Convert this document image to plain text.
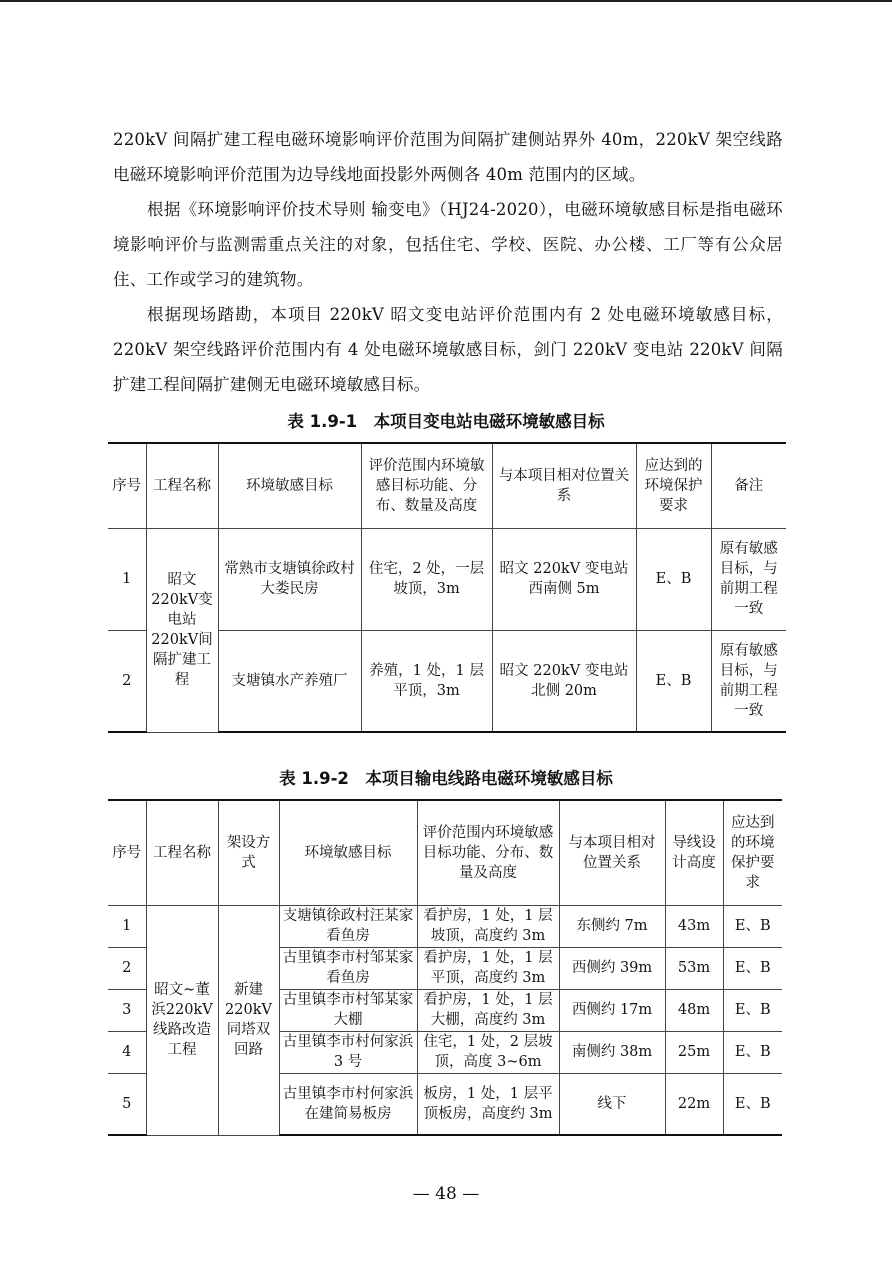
220kV 间隔扩建工程电磁环境影响评价范围为间隔扩建侧站界外 40m，220kV 架空线路电磁环境影响评价范围为边导线地面投影外两侧各 40m 范围内的区域。

根据《环境影响评价技术导则 输变电》（HJ24-2020），电磁环境敏感目标是指电磁环境影响评价与监测需重点关注的对象，包括住宅、学校、医院、办公楼、工厂等有公众居住、工作或学习的建筑物。

根据现场踏勘，本项目 220kV 昭文变电站评价范围内有 2 处电磁环境敏感目标，220kV 架空线路评价范围内有 4 处电磁环境敏感目标，剑门 220kV 变电站 220kV 间隔扩建工程间隔扩建侧无电磁环境敏感目标。

表 1.9-1　本项目变电站电磁环境敏感目标

序号	工程名称	环境敏感目标	评价范围内环境敏感目标功能、分布、数量及高度	与本项目相对位置关系	应达到的环境保护要求	备注
1	昭文220kV变电站220kV间隔扩建工程	常熟市支塘镇徐政村大娄民房	住宅，2 处，一层坡顶，3m	昭文 220kV 变电站西南侧 5m	E、B	原有敏感目标，与前期工程一致
2		支塘镇水产养殖厂	养殖，1 处，1 层平顶，3m	昭文 220kV 变电站北侧 20m	E、B	原有敏感目标，与前期工程一致

表 1.9-2　本项目输电线路电磁环境敏感目标

序号	工程名称	架设方式	环境敏感目标	评价范围内环境敏感目标功能、分布、数量及高度	与本项目相对位置关系	导线设计高度	应达到的环境保护要求
1	昭文~董浜220kV线路改造工程	新建220kV同塔双回路	支塘镇徐政村汪某家看鱼房	看护房，1 处，1 层坡顶，高度约 3m	东侧约 7m	43m	E、B
2			古里镇李市村邹某家看鱼房	看护房，1 处，1 层平顶，高度约 3m	西侧约 39m	53m	E、B
3			古里镇李市村邹某家大棚	看护房，1 处，1 层大棚，高度约 3m	西侧约 17m	48m	E、B
4			古里镇李市村何家浜 3 号	住宅，1 处，2 层坡顶，高度 3~6m	南侧约 38m	25m	E、B
5			古里镇李市村何家浜在建简易板房	板房，1 处，1 层平顶板房，高度约 3m	线下	22m	E、B
— 48 —
